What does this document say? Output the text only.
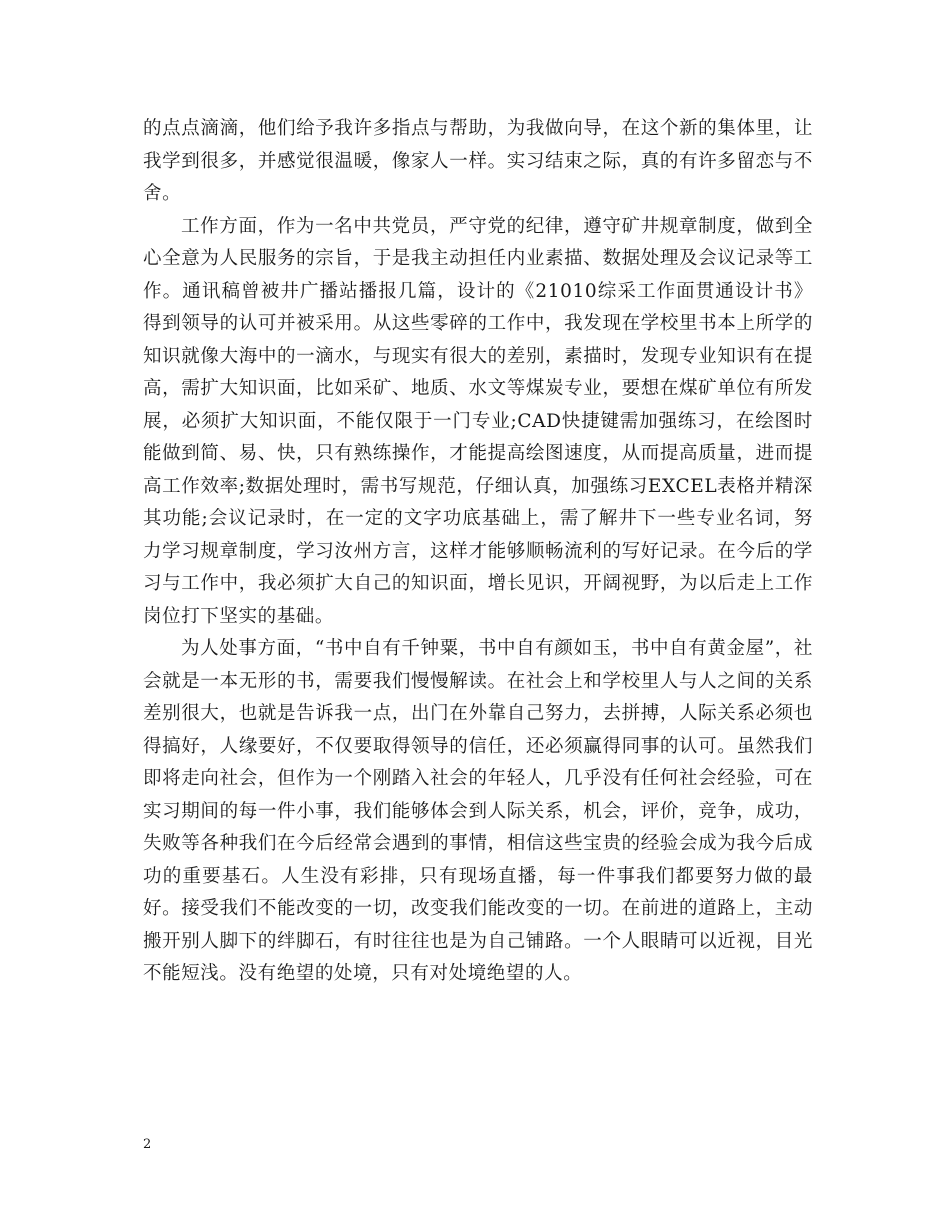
的点点滴滴，他们给予我许多指点与帮助，为我做向导，在这个新的集体里，让我学到很多，并感觉很温暖，像家人一样。实习结束之际，真的有许多留恋与不舍。

工作方面，作为一名中共党员，严守党的纪律，遵守矿井规章制度，做到全心全意为人民服务的宗旨，于是我主动担任内业素描、数据处理及会议记录等工作。通讯稿曾被井广播站播报几篇，设计的《21010综采工作面贯通设计书》得到领导的认可并被采用。从这些零碎的工作中，我发现在学校里书本上所学的知识就像大海中的一滴水，与现实有很大的差别，素描时，发现专业知识有在提高，需扩大知识面，比如采矿、地质、水文等煤炭专业，要想在煤矿单位有所发展，必须扩大知识面，不能仅限于一门专业;CAD快捷键需加强练习，在绘图时能做到简、易、快，只有熟练操作，才能提高绘图速度，从而提高质量，进而提高工作效率;数据处理时，需书写规范，仔细认真，加强练习EXCEL表格并精深其功能;会议记录时，在一定的文字功底基础上，需了解井下一些专业名词，努力学习规章制度，学习汝州方言，这样才能够顺畅流利的写好记录。在今后的学习与工作中，我必须扩大自己的知识面，增长见识，开阔视野，为以后走上工作岗位打下坚实的基础。

为人处事方面，“书中自有千钟粟，书中自有颜如玉，书中自有黄金屋”，社会就是一本无形的书，需要我们慢慢解读。在社会上和学校里人与人之间的关系差别很大，也就是告诉我一点，出门在外靠自己努力，去拼搏，人际关系必须也得搞好，人缘要好，不仅要取得领导的信任，还必须赢得同事的认可。虽然我们即将走向社会，但作为一个刚踏入社会的年轻人，几乎没有任何社会经验，可在实习期间的每一件小事，我们能够体会到人际关系，机会，评价，竞争，成功，失败等各种我们在今后经常会遇到的事情，相信这些宝贵的经验会成为我今后成功的重要基石。人生没有彩排，只有现场直播，每一件事我们都要努力做的最好。接受我们不能改变的一切，改变我们能改变的一切。在前进的道路上，主动搬开别人脚下的绊脚石，有时往往也是为自己铺路。一个人眼睛可以近视，目光不能短浅。没有绝望的处境，只有对处境绝望的人。

2
